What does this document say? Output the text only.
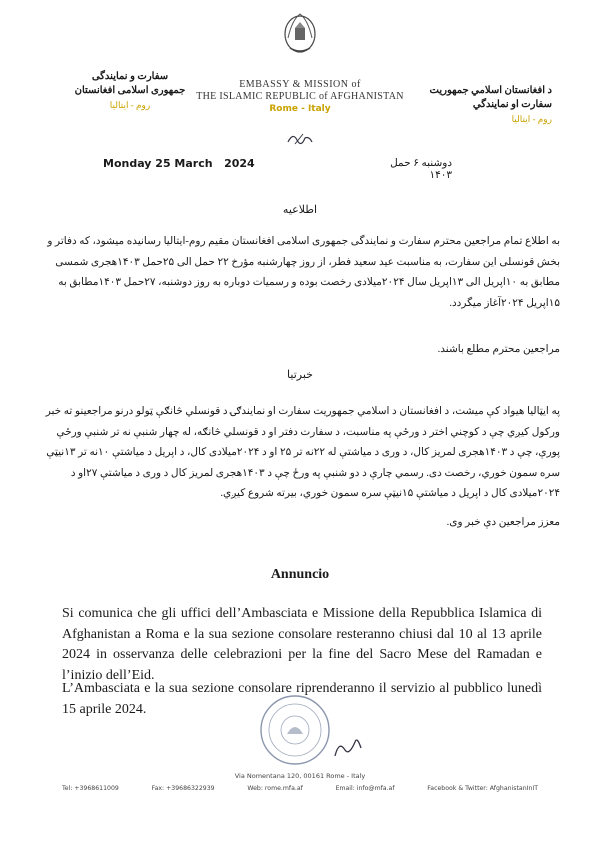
سفارت و نمایندگی
جمهوری اسلامی افغانستان
روم - ایتالیا
EMBASSY & MISSION of
THE ISLAMIC REPUBLIC of AFGHANISTAN
Rome - Italy
د افغانستان اسلامي جمهوریت
سفارت او نمایندگي
روم - ایتالیا
Monday 25 March   2024	دوشنبه ۶ حمل ۱۴۰۳
اطلاعیه
به اطلاع تمام مراجعین محترم سفارت و نمایندگی جمهوری اسلامی افغانستان مقیم روم-ایتالیا رسانیده میشود، که دفاتر و بخش قونسلی این سفارت، به مناسبت عید سعید فطر، از روز چهارشنبه مؤرخ ۲۲ حمل الی ۲۵حمل ۱۴۰۳هجری شمسی مطابق به ۱۰اپریل الی ۱۳اپریل سال ۲۰۲۴میلادی رخصت بوده و رسمیات دوباره به روز دوشنبه، ۲۷حمل ۱۴۰۳مطابق به ۱۵اپریل ۲۰۲۴آغاز میگردد.
مراجعین محترم مطلع باشند.
خبرتیا
په ایټالیا هیواد کې میشت، د افغانستان د اسلامي جمهوریت سفارت او نمایندګۍ د قونسلي څانګې ټولو درنو مراجعینو ته خبر ورکول کیږي چې د کوچني اختر د ورځې په مناسبت، د سفارت دفتر او د قونسلي څانګه، له چهار شنبې نه تر شنبې ورځې پورې، چې د ۱۴۰۳هجری لمریز کال، د وری د میاشتې له ۲۲نه تر ۲۵ او د ۲۰۲۴میلادی کال، د اپریل د میاشتې ۱۰نه تر ۱۳نیټې سره سمون خوري، رخصت دی. رسمي چارې د دو شنبې په ورځ چې د ۱۴۰۳هجری لمریز کال د وری د میاشتې ۲۷او د ۲۰۲۴میلادی کال د اپریل د میاشتې ۱۵نیټې سره سمون خوري، بیرته شروع کیږي.
معزز مراجعین دې خبر وی.
Annuncio
Si comunica che gli uffici dell’Ambasciata e Missione della Repubblica Islamica di Afghanistan a Roma e la sua sezione consolare resteranno chiusi dal 10 al 13 aprile 2024 in osservanza delle celebrazioni per la fine del Sacro Mese del Ramadan e l’inizio dell’Eid.
L’Ambasciata e la sua sezione consolare riprenderanno il servizio al pubblico lunedì 15 aprile 2024.
Via Nomentana 120, 00161 Rome - Italy
Tel: +3968611009	Fax: +39686322939	Web: rome.mfa.af	Email: info@mfa.af	Facebook & Twitter: AfghanistanInIT
